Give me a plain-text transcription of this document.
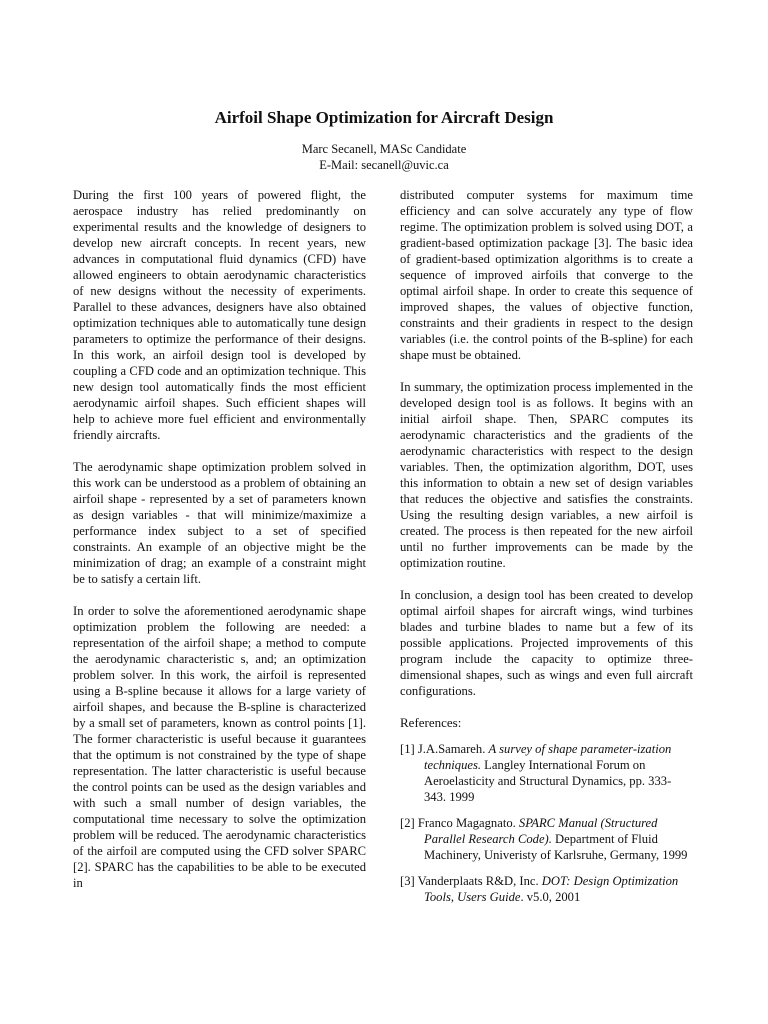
Airfoil Shape Optimization for Aircraft Design
Marc Secanell, MASc Candidate
E-Mail: secanell@uvic.ca

During the first 100 years of powered flight, the aerospace industry has relied predominantly on experimental results and the knowledge of designers to develop new aircraft concepts. In recent years, new advances in computational fluid dynamics (CFD) have allowed engineers to obtain aerodynamic characteristics of new designs without the necessity of experiments. Parallel to these advances, designers have also obtained optimization techniques able to automatically tune design parameters to optimize the performance of their designs. In this work, an airfoil design tool is developed by coupling a CFD code and an optimization technique. This new design tool automatically finds the most efficient aerodynamic airfoil shapes. Such efficient shapes will help to achieve more fuel efficient and environmentally friendly aircrafts.

The aerodynamic shape optimization problem solved in this work can be understood as a problem of obtaining an airfoil shape - represented by a set of parameters known as design variables - that will minimize/maximize a performance index subject to a set of specified constraints. An example of an objective might be the minimization of drag; an example of a constraint might be to satisfy a certain lift.

In order to solve the aforementioned aerodynamic shape optimization problem the following are needed: a representation of the airfoil shape; a method to compute the aerodynamic characteristic s, and; an optimization problem solver. In this work, the airfoil is represented using a B-spline because it allows for a large variety of airfoil shapes, and because the B-spline is characterized by a small set of parameters, known as control points [1]. The former characteristic is useful because it guarantees that the optimum is not constrained by the type of shape representation. The latter characteristic is useful because the control points can be used as the design variables and with such a small number of design variables, the computational time necessary to solve the optimization problem will be reduced. The aerodynamic characteristics of the airfoil are computed using the CFD solver SPARC [2]. SPARC has the capabilities to be able to be executed in

distributed computer systems for maximum time efficiency and can solve accurately any type of flow regime. The optimization problem is solved using DOT, a gradient-based optimization package [3]. The basic idea of gradient-based optimization algorithms is to create a sequence of improved airfoils that converge to the optimal airfoil shape. In order to create this sequence of improved shapes, the values of objective function, constraints and their gradients in respect to the design variables (i.e. the control points of the B-spline) for each shape must be obtained.

In summary, the optimization process implemented in the developed design tool is as follows. It begins with an initial airfoil shape. Then, SPARC computes its aerodynamic characteristics and the gradients of the aerodynamic characteristics with respect to the design variables. Then, the optimization algorithm, DOT, uses this information to obtain a new set of design variables that reduces the objective and satisfies the constraints. Using the resulting design variables, a new airfoil is created. The process is then repeated for the new airfoil until no further improvements can be made by the optimization routine.

In conclusion, a design tool has been created to develop optimal airfoil shapes for aircraft wings, wind turbines blades and turbine blades to name but a few of its possible applications. Projected improvements of this program include the capacity to optimize three-dimensional shapes, such as wings and even full aircraft configurations.

References:
[1] J.A.Samareh. A survey of shape parameter-ization techniques. Langley International Forum on Aeroelasticity and Structural Dynamics, pp. 333-343. 1999
[2] Franco Magagnato. SPARC Manual (Structured Parallel Research Code). Department of Fluid Machinery, Univeristy of Karlsruhe, Germany, 1999
[3] Vanderplaats R&D, Inc. DOT: Design Optimization Tools, Users Guide. v5.0, 2001
